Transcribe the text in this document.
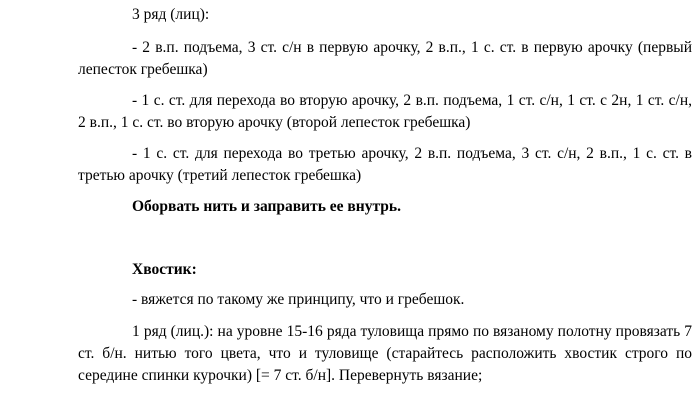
3 ряд (лиц):

- 2 в.п. подъема, 3 ст. с/н в первую арочку, 2 в.п., 1 с. ст. в первую арочку (первый лепесток гребешка)

- 1 с. ст. для перехода во вторую арочку, 2 в.п. подъема, 1 ст. с/н, 1 ст. с 2н, 1 ст. с/н, 2 в.п., 1 с. ст. во вторую арочку (второй лепесток гребешка)

- 1 с. ст. для перехода во третью арочку, 2 в.п. подъема, 3 ст. с/н, 2 в.п., 1 с. ст. в третью арочку (третий лепесток гребешка)

Оборвать нить и заправить ее внутрь.

Хвостик:

- вяжется по такому же принципу, что и гребешок.

1 ряд (лиц.): на уровне 15-16 ряда туловища прямо по вязаному полотну провязать 7 ст. б/н. нитью того цвета, что и туловище (старайтесь расположить хвостик строго по середине спинки курочки) [= 7 ст. б/н]. Перевернуть вязание;
